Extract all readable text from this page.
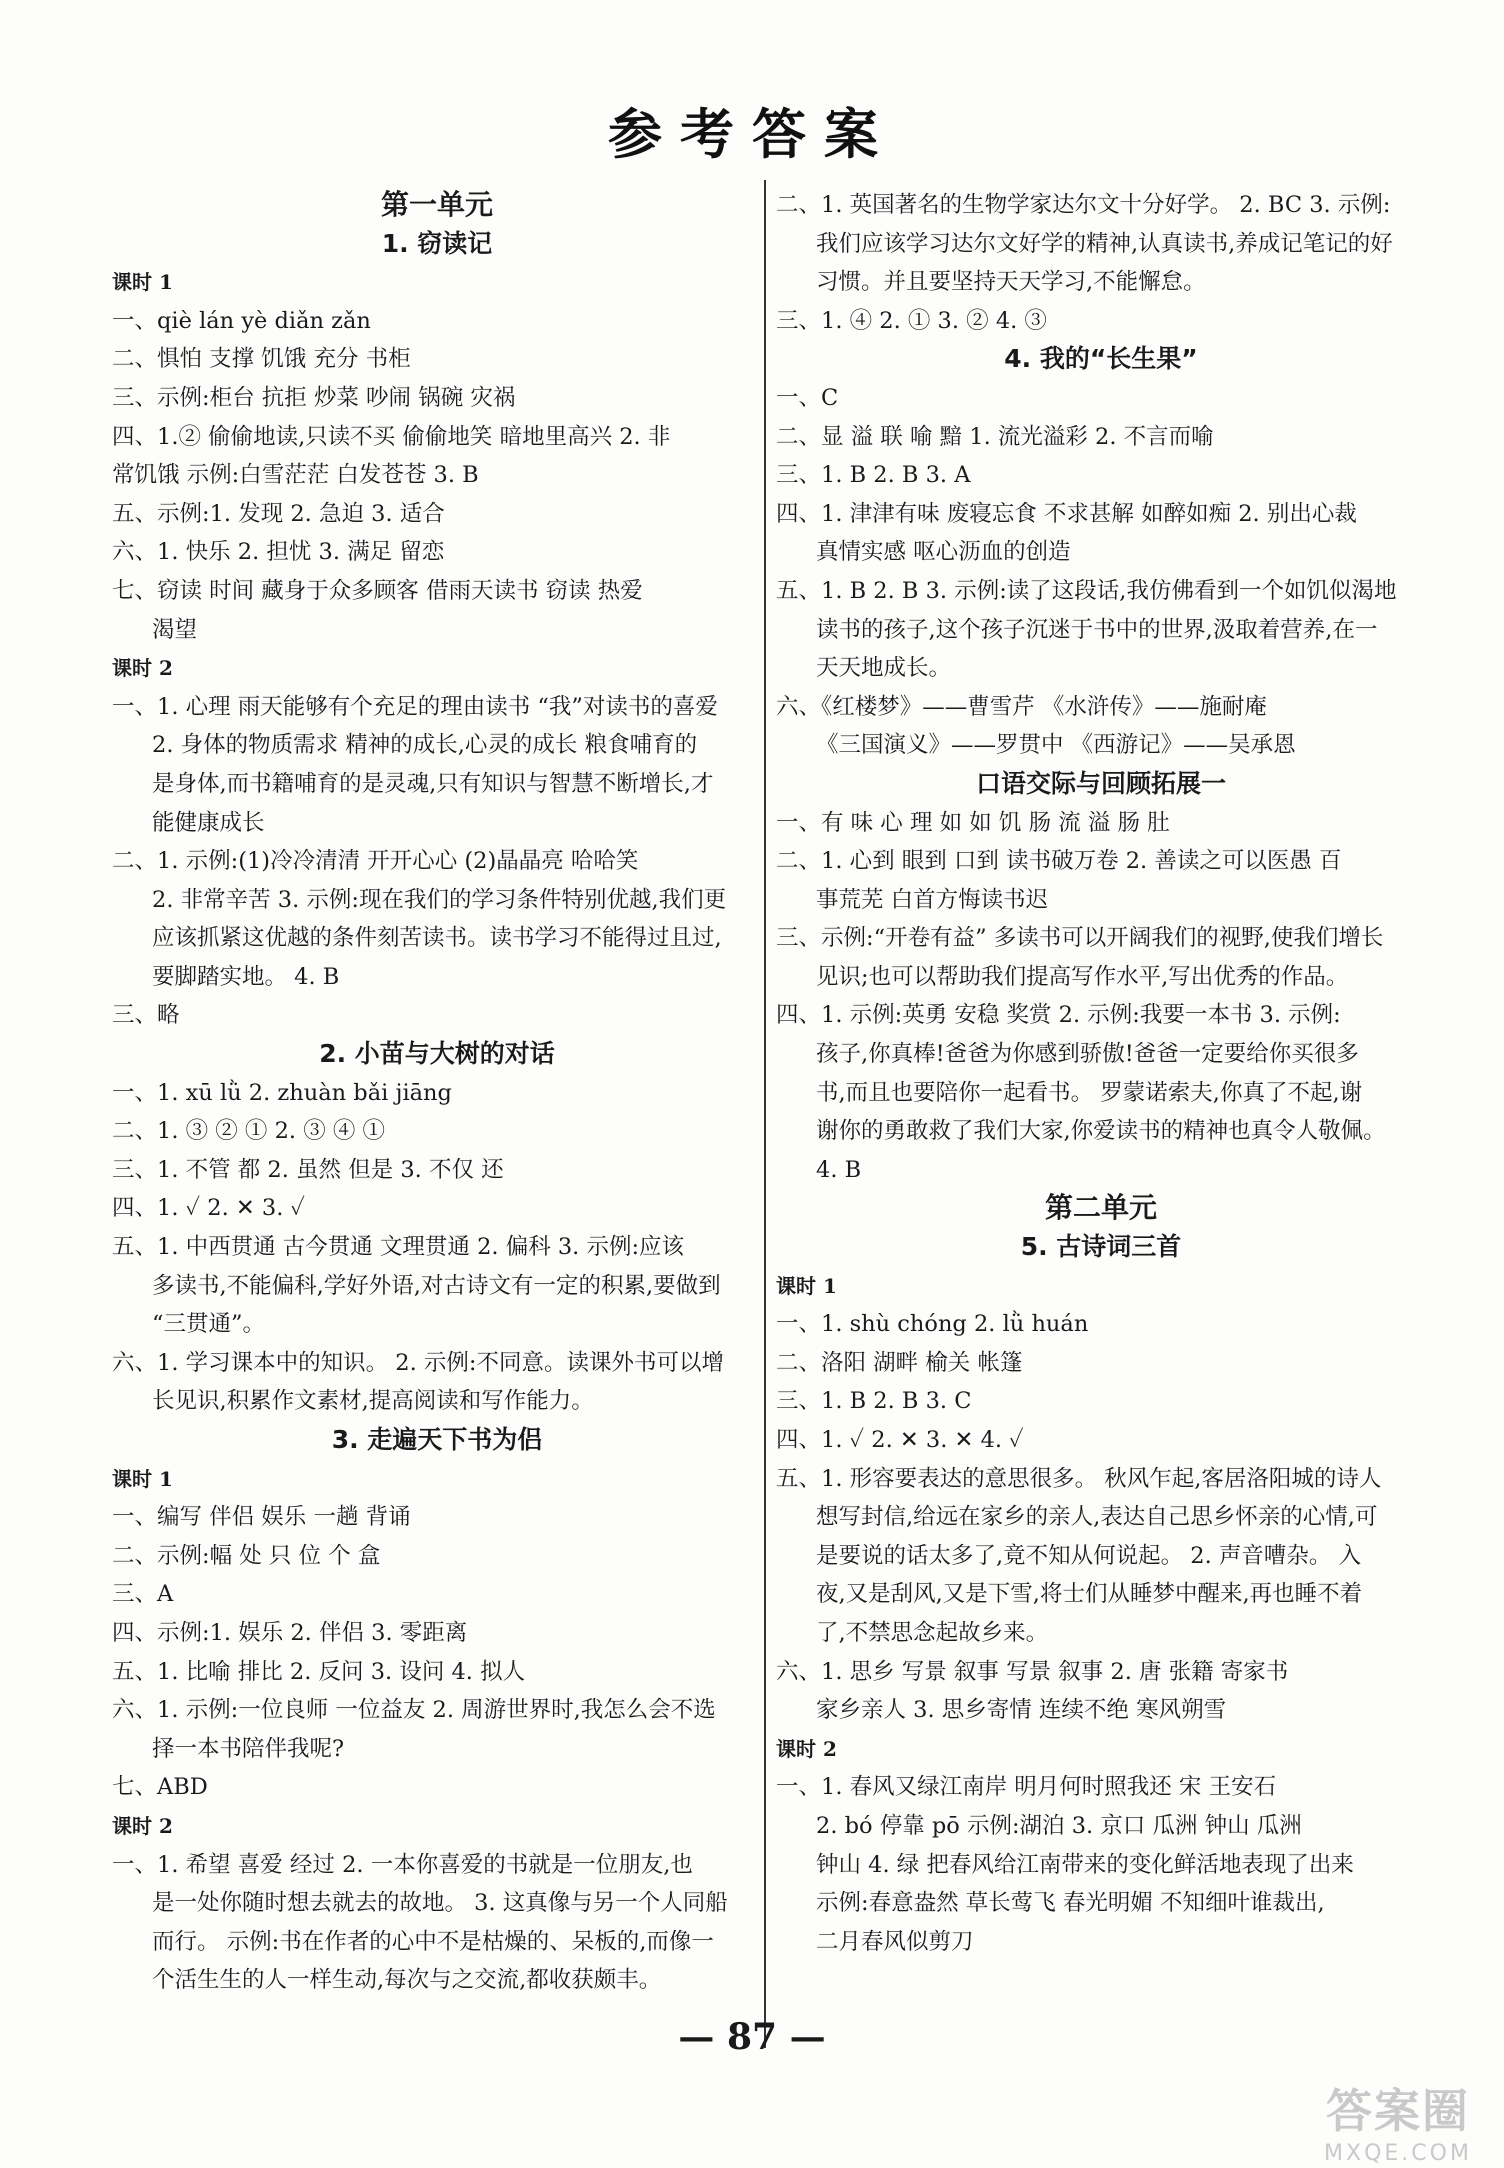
参考答案
第一单元
1. 窃读记
课时 1
一、qiè lán yè diǎn zǎn
二、惧怕 支撑 饥饿 充分 书柜
三、示例:柜台 抗拒 炒菜 吵闹 锅碗 灾祸
四、1.② 偷偷地读,只读不买 偷偷地笑 暗地里高兴 2. 非
常饥饿 示例:白雪茫茫 白发苍苍 3. B
五、示例:1. 发现 2. 急迫 3. 适合
六、1. 快乐 2. 担忧 3. 满足 留恋
七、窃读 时间 藏身于众多顾客 借雨天读书 窃读 热爱
渴望
课时 2
一、1. 心理 雨天能够有个充足的理由读书 “我”对读书的喜爱
2. 身体的物质需求 精神的成长,心灵的成长 粮食哺育的
是身体,而书籍哺育的是灵魂,只有知识与智慧不断增长,才
能健康成长
二、1. 示例:(1)冷冷清清 开开心心 (2)晶晶亮 哈哈笑
2. 非常辛苦 3. 示例:现在我们的学习条件特别优越,我们更
应该抓紧这优越的条件刻苦读书。读书学习不能得过且过,
要脚踏实地。 4. B
三、略
2. 小苗与大树的对话
一、1. xū lǜ 2. zhuàn bǎi jiāng
二、1. ③ ② ① 2. ③ ④ ①
三、1. 不管 都 2. 虽然 但是 3. 不仅 还
四、1. ✓ 2. ✕ 3. ✓
五、1. 中西贯通 古今贯通 文理贯通 2. 偏科 3. 示例:应该
多读书,不能偏科,学好外语,对古诗文有一定的积累,要做到
“三贯通”。
六、1. 学习课本中的知识。 2. 示例:不同意。读课外书可以增
长见识,积累作文素材,提高阅读和写作能力。
3. 走遍天下书为侣
课时 1
一、编写 伴侣 娱乐 一趟 背诵
二、示例:幅 处 只 位 个 盒
三、A
四、示例:1. 娱乐 2. 伴侣 3. 零距离
五、1. 比喻 排比 2. 反问 3. 设问 4. 拟人
六、1. 示例:一位良师 一位益友 2. 周游世界时,我怎么会不选
择一本书陪伴我呢?
七、ABD
课时 2
一、1. 希望 喜爱 经过 2. 一本你喜爱的书就是一位朋友,也
是一处你随时想去就去的故地。 3. 这真像与另一个人同船
而行。 示例:书在作者的心中不是枯燥的、呆板的,而像一
个活生生的人一样生动,每次与之交流,都收获颇丰。
二、1. 英国著名的生物学家达尔文十分好学。 2. BC 3. 示例:
我们应该学习达尔文好学的精神,认真读书,养成记笔记的好
习惯。并且要坚持天天学习,不能懈怠。
三、1. ④ 2. ① 3. ② 4. ③
4. 我的“长生果”
一、C
二、显 溢 联 喻 黯 1. 流光溢彩 2. 不言而喻
三、1. B 2. B 3. A
四、1. 津津有味 废寝忘食 不求甚解 如醉如痴 2. 别出心裁
真情实感 呕心沥血的创造
五、1. B 2. B 3. 示例:读了这段话,我仿佛看到一个如饥似渴地
读书的孩子,这个孩子沉迷于书中的世界,汲取着营养,在一
天天地成长。
六、《红楼梦》——曹雪芹 《水浒传》——施耐庵
《三国演义》——罗贯中 《西游记》——吴承恩
口语交际与回顾拓展一
一、有 味 心 理 如 如 饥 肠 流 溢 肠 肚
二、1. 心到 眼到 口到 读书破万卷 2. 善读之可以医愚 百
事荒芜 白首方悔读书迟
三、示例:“开卷有益” 多读书可以开阔我们的视野,使我们增长
见识;也可以帮助我们提高写作水平,写出优秀的作品。
四、1. 示例:英勇 安稳 奖赏 2. 示例:我要一本书 3. 示例:
孩子,你真棒!爸爸为你感到骄傲!爸爸一定要给你买很多
书,而且也要陪你一起看书。 罗蒙诺索夫,你真了不起,谢
谢你的勇敢救了我们大家,你爱读书的精神也真令人敬佩。
4. B
第二单元
5. 古诗词三首
课时 1
一、1. shù chóng 2. lǜ huán
二、洛阳 湖畔 榆关 帐篷
三、1. B 2. B 3. C
四、1. ✓ 2. ✕ 3. ✕ 4. ✓
五、1. 形容要表达的意思很多。 秋风乍起,客居洛阳城的诗人
想写封信,给远在家乡的亲人,表达自己思乡怀亲的心情,可
是要说的话太多了,竟不知从何说起。 2. 声音嘈杂。 入
夜,又是刮风,又是下雪,将士们从睡梦中醒来,再也睡不着
了,不禁思念起故乡来。
六、1. 思乡 写景 叙事 写景 叙事 2. 唐 张籍 寄家书
家乡亲人 3. 思乡寄情 连续不绝 寒风朔雪
课时 2
一、1. 春风又绿江南岸 明月何时照我还 宋 王安石
2. bó 停靠 pō 示例:湖泊 3. 京口 瓜洲 钟山 瓜洲
钟山 4. 绿 把春风给江南带来的变化鲜活地表现了出来
示例:春意盎然 草长莺飞 春光明媚 不知细叶谁裁出,
二月春风似剪刀
— 87 —
答案圈
MXQE.COM
